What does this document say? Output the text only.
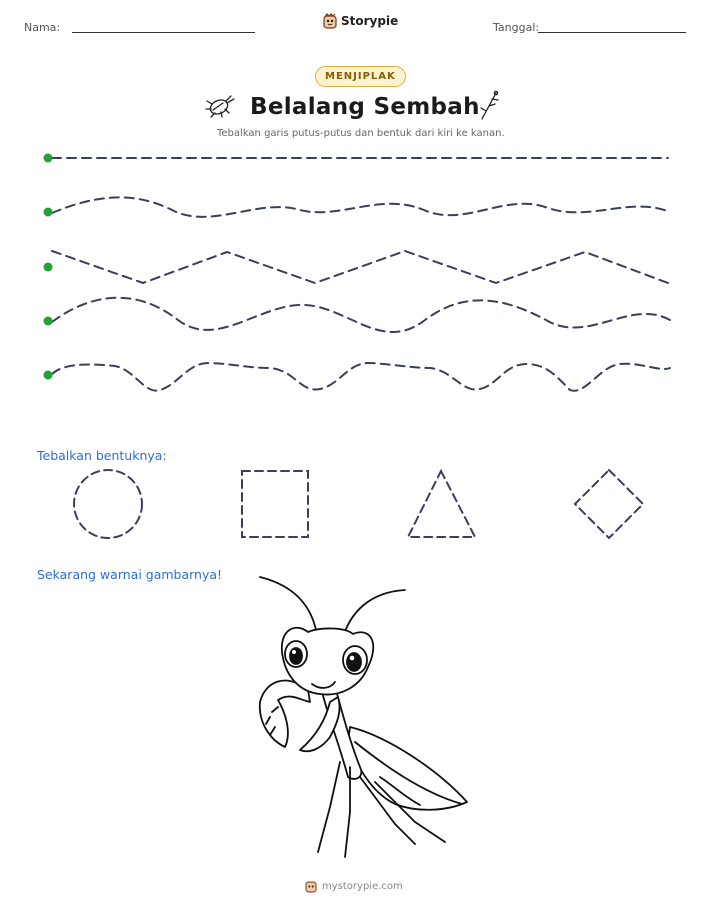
Nama:	Storypie	Tanggal:
MENJIPLAK
Belalang Sembah
Tebalkan garis putus-putus dan bentuk dari kiri ke kanan.
Tebalkan bentuknya:
Sekarang warnai gambarnya!
mystorypie.com
